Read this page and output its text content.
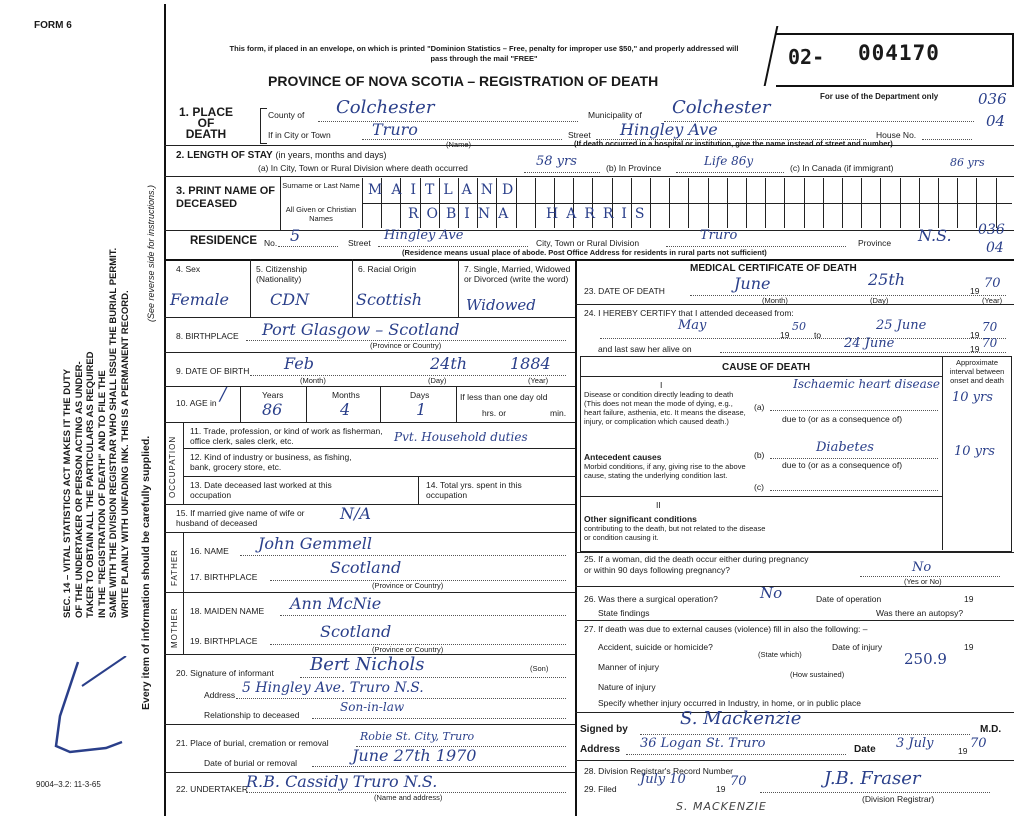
FORM 6
This form, if placed in an envelope, on which is printed "Dominion Statistics – Free, penalty for improper use $50," and properly addressed will pass through the mail "FREE"
PROVINCE OF NOVA SCOTIA – REGISTRATION OF DEATH
02- 004170
For use of the Department only	036
SEC. 14 – VITAL STATISTICS ACT MAKES IT THE DUTY OF THE UNDERTAKER OR PERSON ACTING AS UNDER- TAKER TO OBTAIN ALL THE PARTICULARS AS REQUIRED IN THE "REGISTRATION OF DEATH" AND TO FILE THE SAME WITH THE DIVISION REGISTRAR WHO SHALL ISSUE THE BURIAL PERMIT. WRITE PLAINLY WITH UNFADING INK. THIS IS A PERMANENT RECORD. Every item of information should be carefully supplied.
(See reverse side for instructions.)
9004–3.2: 11-3-65
1. PLACE OF DEATH
County of Colchester	Municipality of Colchester
If in City or Town	Truro
(Name)
Street Hingley Ave	House No.
04
(If death occurred in a hospital or institution, give the name instead of street and number)
2. LENGTH OF STAY (in years, months and days)
(a) In City, Town or Rural Division where death occurred	58 yrs	(b) In Province	Life 86y	(c) In Canada (if immigrant)	86 yrs
3. PRINT NAME OF DECEASED
Surname or Last Name
All Given or Christian Names
MAITLAND
ROBINA HARRIS
RESIDENCE No. 5	Street Hingley Ave	City, Town or Rural Division	Truro	Province N.S. 036
04
(Residence means usual place of abode. Post Office Address for residents in rural parts not sufficient)
4. Sex
Female
5. Citizenship (Nationality)
CDN
6. Racial Origin
Scottish
7. Single, Married, Widowed or Divorced (write the word)
Widowed
8. BIRTHPLACE Port Glasgow – Scotland
(Province or Country)
9. DATE OF BIRTH Feb	24th	1884
(Month)	(Day)	(Year)
10. AGE in /	Years
86
Months
4
Days
1
If less than one day old
hrs. or	min.
OCCUPATION
11. Trade, profession, or kind of work as fisherman, office clerk, sales clerk, etc.	Pvt. Household duties
12. Kind of industry or business, as fishing, bank, grocery store, etc.
13. Date deceased last worked at this occupation
14. Total yrs. spent in this occupation
15. If married give name of wife or husband of deceased	N/A
FATHER 16. NAME John Gemmell
17. BIRTHPLACE	Scotland
(Province or Country)
MOTHER 18. MAIDEN NAME Ann McNie
19. BIRTHPLACE	Scotland
(Province or Country)
20. Signature of informant Bert Nichols	(Son)
Address 5 Hingley Ave. Truro N.S.
Relationship to deceased
Son-in-law
21. Place of burial, cremation or removal	Robie St. City, Truro
Date of burial or removal	June 27th 1970
22. UNDERTAKER
R.B. Cassidy Truro N.S.
(Name and address)
MEDICAL CERTIFICATE OF DEATH
23. DATE OF DEATH	June	25th
19 70
(Month)	(Day)	(Year)
24. I HEREBY CERTIFY that I attended deceased from:
May
19
50
to
25 June
19
70
and last saw her alive on	24 June	19 70
CAUSE OF DEATH	Approximate interval between onset and death
I
Disease or condition directly leading to death (This does not mean the mode of dying, e.g., heart failure, asthenia, etc. It means the disease, injury, or complication which caused death.)
(a)
Ischaemic heart disease
10 yrs
due to (or as a consequence of)
Antecedent causes
Morbid conditions, if any, giving rise to the above cause, stating the underlying condition last.
(b)	Diabetes	10 yrs
due to (or as a consequence of)
(c)
II
Other significant conditions
contributing to the death, but not related to the disease or condition causing it.
25. If a woman, did the death occur either during pregnancy or within 90 days following pregnancy?	No
(Yes or No)
26. Was there a surgical operation?	No	Date of operation	19
State findings	Was there an autopsy?
27. If death was due to external causes (violence) fill in also the following: –
Accident, suicide or homicide?
(State which)
Date of injury	19
Manner of injury	250.9
(How sustained)
Nature of injury
Specify whether injury occurred in Industry, in home, or in public place
Signed by
S. Mackenzie
M.D.
Address 36 Logan St. Truro	Date 3 July	19 70
28. Division Registrar's Record Number
29. Filed
July 10
19 70	J.B. Fraser
(Division Registrar)
S. MACKENZIE
